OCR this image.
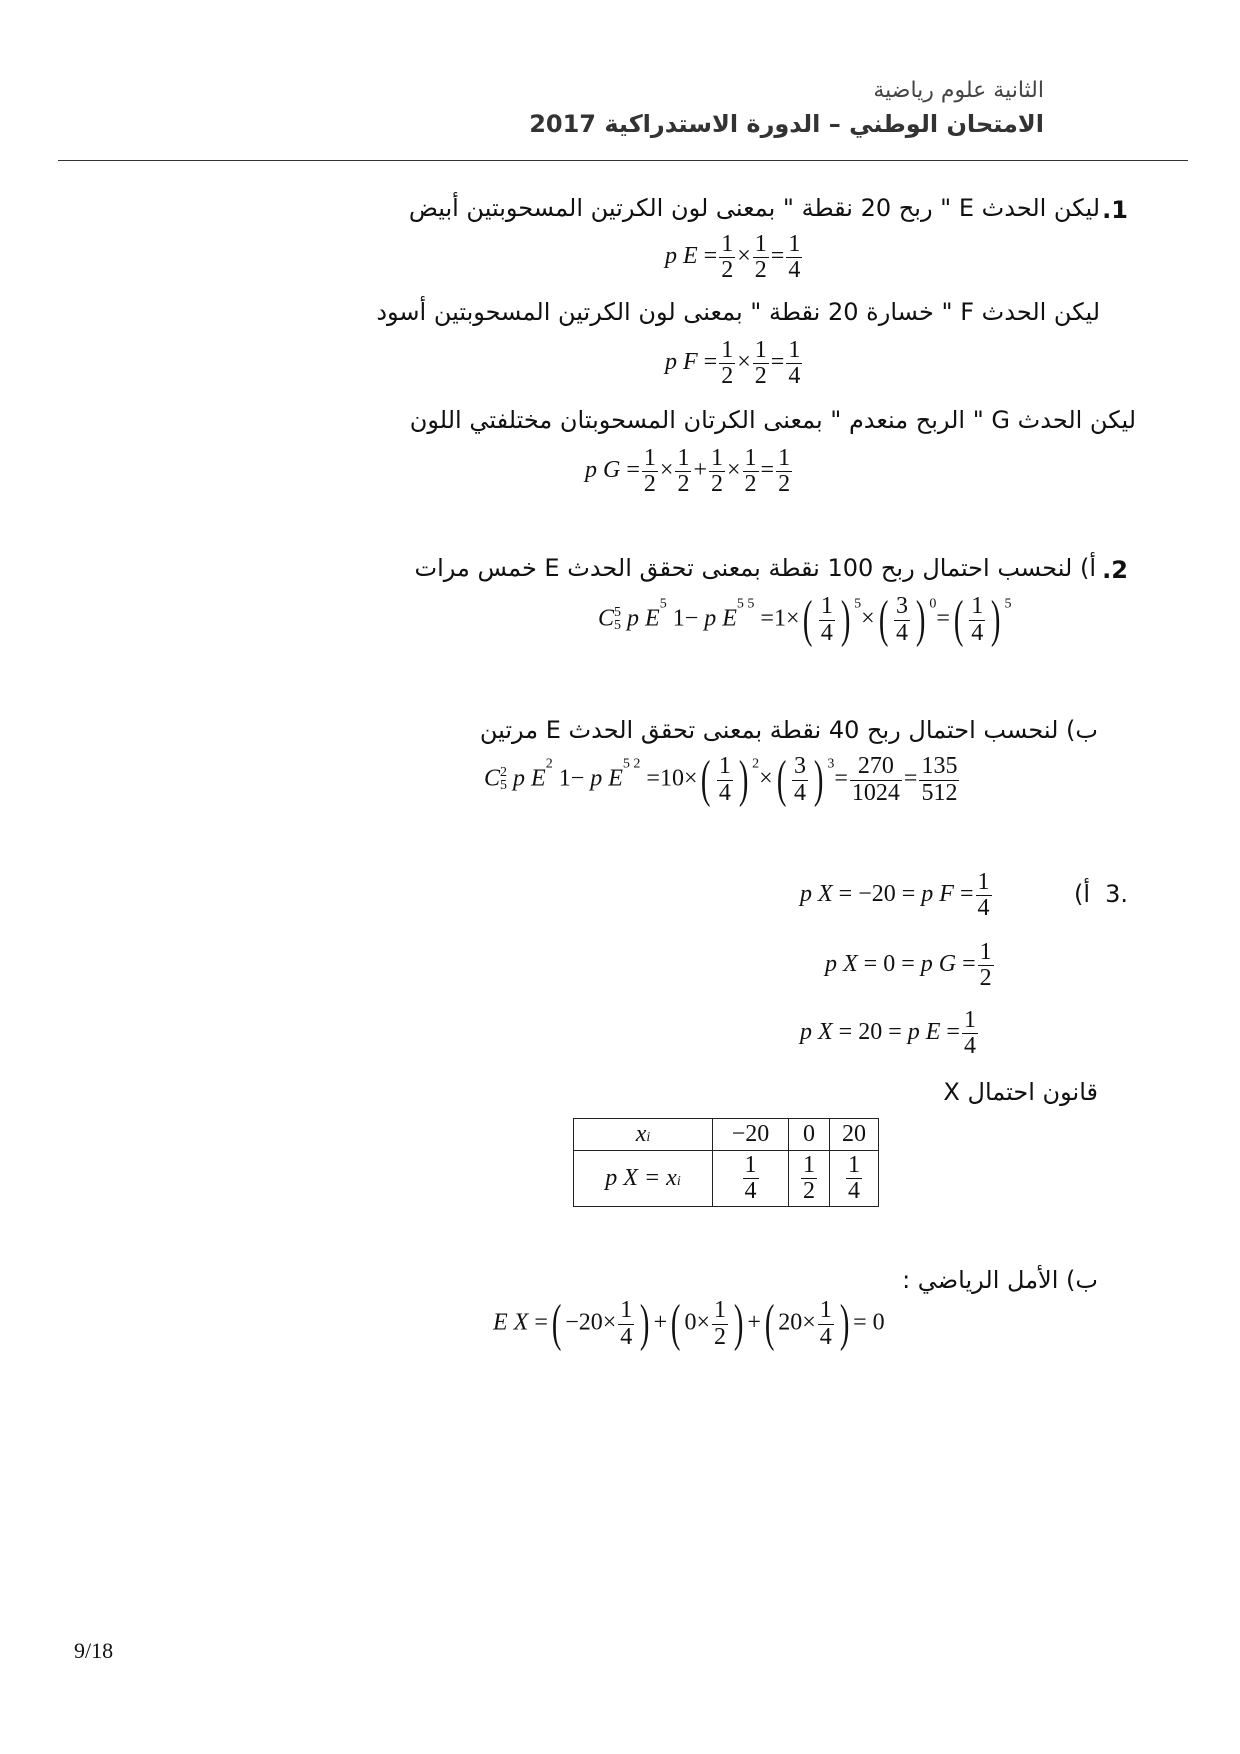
الثانية علوم رياضية
الامتحان الوطني – الدورة الاستدراكية 2017
1.
ليكن الحدث E " ربح 20 نقطة " بمعنى لون الكرتين المسحوبتين أبيض
p $E = \frac{1}{2} \times \frac{1}{2} = \frac{1}{4}$
ليكن الحدث F " خسارة 20 نقطة " بمعنى لون الكرتين المسحوبتين أسود
p $F = \frac{1}{2} \times \frac{1}{2} = \frac{1}{4}$
ليكن الحدث G " الربح منعدم " بمعنى الكرتان المسحوبتان مختلفتي اللون
p $G = \frac{1}{2} \times \frac{1}{2} + \frac{1}{2} \times \frac{1}{2} = \frac{1}{2}$
2.
أ) لنحسب احتمال ربح 100 نقطة بمعنى تحقق الحدث E خمس مرات
C 5
5 p $E^5$ 1− p $E^{5 5} =1\times( \frac{1}{4}$ ) $^5\times( \frac{3}{4}$ ) $^0=( \frac{1}{4}$ ) $^5$
ب) لنحسب احتمال ربح 40 نقطة بمعنى تحقق الحدث E مرتين
C 2
5 p $E^2$ 1− p $E^{5 2} =10\times( \frac{1}{4}$ ) $^2\times( \frac{3}{4}$ ) $^3= \frac{270}{1024} = \frac{135}{512}$
.3
أ)
p X = −20 = p $F = \frac{1}{4}$
p X = 0 = p $G = \frac{1}{2}$
p X = 20 = p $E = \frac{1}{4}$
قانون احتمال X
xi	−20	0	20
p X = xi	$\frac{1}{4}$	$\frac{1}{2}$	$\frac{1}{4}$
ب) الأمل الرياضي :
E X =( $-20\times \frac{1}{4}$ ) +( $0\times \frac{1}{2}$ ) +( $20\times \frac{1}{4}$ ) = 0
9/18
